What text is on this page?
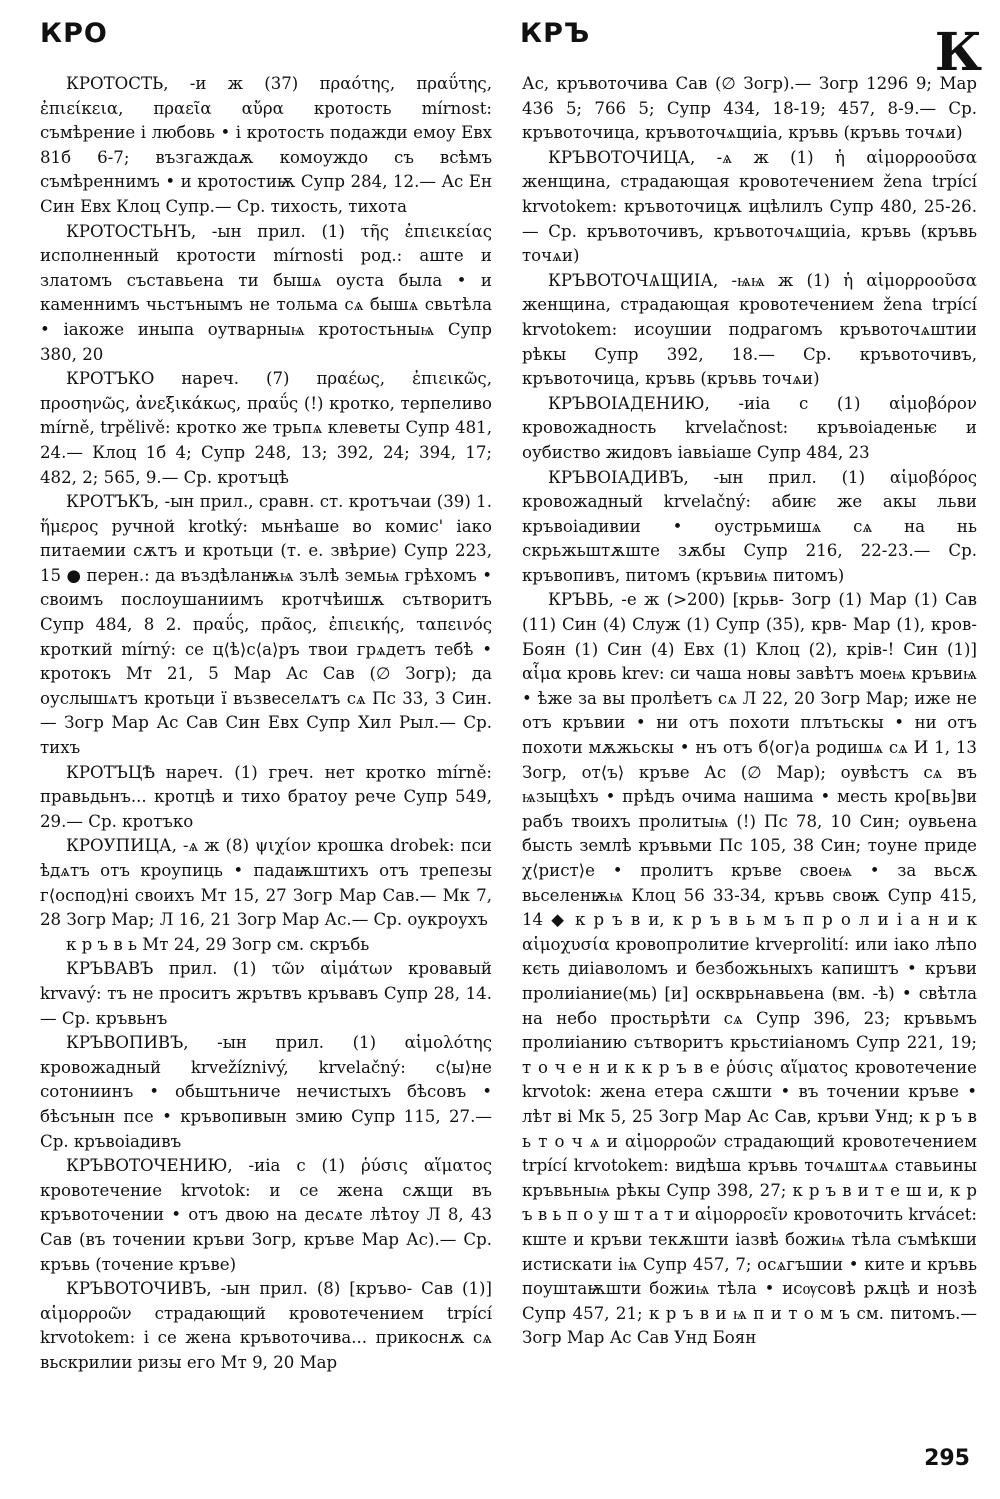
КРО	КРЪ	К

КРОТОСТЬ, -и ж (37) πραότης, πραΰτης, ἐπιείκεια, πραεῖα αὔρα кротость mírnost: съмѣрение і любовь • і кротость подажди емоу Евх 81б 6-7; възгаждаѫ комоуждо съ всѣмъ съмѣреннимъ • и кротостиѭ Супр 284, 12.— Ас Ен Син Евх Клоц Супр.— Ср. тихость, тихота

КРОТОСТЬНЪ, -ын прил. (1) τῆς ἐπιεικείας исполненный кротости mírnosti род.: аште и златомъ съставьена ти бышѧ оуста была • и каменнимъ чьстънымъ не тольма сѧ бышѧ свьтѣла • іакоже иныпа оутварныѩ кротостьныѩ Супр 380, 20

КРОТЪКО нареч. (7) πραέως, ἐπιεικῶς, προσηνῶς, ἀνεξικάκως, πραΰς (!) кротко, терпеливо mírně, trpělivě: кротко же трьпѧ клеветы Супр 481, 24.— Клоц 1б 4; Супр 248, 13; 392, 24; 394, 17; 482, 2; 565, 9.— Ср. кротъцѣ

КРОТЪКЪ, -ын прил., сравн. ст. кротъчаи (39) 1. ἥμερος ручной krotký: мьнѣаше во комис' іако питаемии сѫтъ и кротьци (т. е. звѣрие) Супр 223, 15 ● перен.: да въздѣланѭѩ зълѣ земьѩ грѣхомъ • своимъ послоушаниимъ кротчѣишѫ сътворитъ Супр 484, 8 2. πραΰς, πρᾶος, ἐπιεικής, ταπεινός кроткий mírný: се ц⟨ѣ⟩с⟨а⟩ръ твои грѧдетъ тебѣ • кротокъ Мт 21, 5 Мар Ас Сав (∅ Зогр); да оуслышѧтъ кротьци ї възвеселѧтъ сѧ Пс 33, 3 Син.— Зогр Мар Ас Сав Син Евх Супр Хил Рыл.— Ср. тихъ

КРОТЪЦѢ нареч. (1) греч. нет кротко mírně: правьдьнъ... кротцѣ и тихо братоу рече Супр 549, 29.— Ср. кротъко

КРОУПИЦА, -ѧ ж (8) ψιχίον крошка drobek: пси ѣдѧтъ отъ кроупиць • падаѭштихъ отъ трепезы г⟨оспод⟩ні своихъ Мт 15, 27 Зогр Мар Сав.— Мк 7, 28 Зогр Мар; Л 16, 21 Зогр Мар Ас.— Ср. оукроухъ

к р ъ в ь Мт 24, 29 Зогр см. скръбь

КРЪВАВЪ прил. (1) τῶν αἱμάτων кровавый krvavý: тъ не проситъ жрътвъ кръвавъ Супр 28, 14.— Ср. кръвьнъ

КРЪВОПИВЪ, -ын прил. (1) αἱμολότης кровожадный krvežíznivý, krvelačný: с⟨ы⟩не сотониинъ • обьштьниче нечистыхъ бѣсовъ • бѣсънын псе • кръвопивын змию Супр 115, 27.— Ср. кръвоіадивъ

КРЪВОТОЧЕНИЮ, -иіа с (1) ῥύσις αἵματος кровотечение krvotok: и се жена сѫщи въ кръвоточении • отъ двою на десѧте лѣтоу Л 8, 43 Сав (въ точении кръви Зогр, кръве Мар Ас).— Ср. кръвь (точение кръве)

КРЪВОТОЧИВЪ, -ын прил. (8) [кръво- Сав (1)] αἱμορροῶν страдающий кровотечением trpící krvotokem: і се жена кръвоточива... прикоснѫ сѧ вьскрилии ризы его Мт 9, 20 Мар

Ас, кръвоточива Сав (∅ Зогр).— Зогр 1296 9; Мар 436 5; 766 5; Супр 434, 18-19; 457, 8-9.— Ср. кръвоточица, кръвоточѧщиіа, кръвь (кръвь точѧи)

КРЪВОТОЧИЦА, -ѧ ж (1) ἡ αἱμορροοῦσα женщина, страдающая кровотечением žena trpící krvotokem: кръвоточицѫ ицѣлилъ Супр 480, 25-26.— Ср. кръвоточивъ, кръвоточѧщиіа, кръвь (кръвь точѧи)

КРЪВОТОЧѦЩИІА, -ѩѩ ж (1) ἡ αἱμορροοῦσα женщина, страдающая кровотечением žena trpící krvotokem: исоушии подрагомъ кръвоточѧштии рѣкы Супр 392, 18.— Ср. кръвоточивъ, кръвоточица, кръвь (кръвь точѧи)

КРЪВОІАДЕНИЮ, -иіа с (1) αἱμοβόρον кровожадность krvelačnost: кръвоіаденьѥ и оубиство жидовъ іавьіаше Супр 484, 23

КРЪВОІАДИВЪ, -ын прил. (1) αἱμοβόρος кровожадный krvelačný: абиѥ же акы льви кръвоіадивии • оустрьмишѧ сѧ на нь скрьжьштѫште зѫбы Супр 216, 22-23.— Ср. кръвопивъ, питомъ (кръвиѩ питомъ)

КРЪВЬ, -е ж (>200) [крьв- Зогр (1) Мар (1) Сав (11) Син (4) Служ (1) Супр (35), крв- Мар (1), кров- Боян (1) Син (4) Евх (1) Клоц (2), крiв-! Син (1)] αἷμα кровь krev: си чаша новы завѣтъ моеѩ кръвиѩ • ѣже за вы пролѣетъ сѧ Л 22, 20 Зогр Мар; иже не отъ кръвии • ни отъ похоти плътьскы • ни отъ похоти мѫжьскы • нъ отъ б⟨ог⟩а родишѧ сѧ И 1, 13 Зогр, от⟨ъ⟩ кръве Ас (∅ Мар); оувѣстъ сѧ въ ѩзыцѣхъ • прѣдъ очима нашима • месть кро[вь]ви рабъ твоихъ пролитыѩ (!) Пс 78, 10 Син; оувьена бысть землѣ кръвьми Пс 105, 38 Син; тоуне приде χ⟨рист⟩е • пролитъ кръве своеѩ • за вьсѫ вьселенѭѩ Клоц 56 33-34, кръвь своѭ Супр 415, 14 ◆ к р ъ в и, к р ъ в ь м ъ п р о л и і а н и к αἱμοχυσία кровопролитие krveprolití: или іако лѣпо кєть диіаволомъ и безбожьныхъ капиштъ • кръви пролиіание(мь) [и] оскврьнавьена (вм. -ѣ) • свѣтла на небо простьрѣти сѧ Супр 396, 23; кръвьмъ пролиіанию сътворитъ крьстиіаномъ Супр 221, 19; т о ч е н и к к р ъ в е ῥύσις αἵματος кровотечение krvotok: жена етера сѫшти • въ точении кръве • лѣт ві Мк 5, 25 Зогр Мар Ас Сав, кръви Унд; к р ъ в ь т о ч ѧ и αἱμορροῶν страдающий кровотечением trpící krvotokem: видѣша кръвь точѧштѧѧ ставьины кръвьныѩ рѣкы Супр 398, 27; к р ъ в и т е ш и, к р ъ в ь п о у ш т а т и αἱμορροεῖν кровоточить krvácet: кште и кръви текѫшти іазвѣ божиѩ тѣла съмѣкши истискати іѩ Супр 457, 7; осѧгъшии • ките и кръвь поуштаѭшти божиѩ тѣла • исѹсовѣ рѫцѣ и нозѣ Супр 457, 21; к р ъ в и ѩ п и т о м ъ см. питомъ.— Зогр Мар Ас Сав Унд Боян

295
